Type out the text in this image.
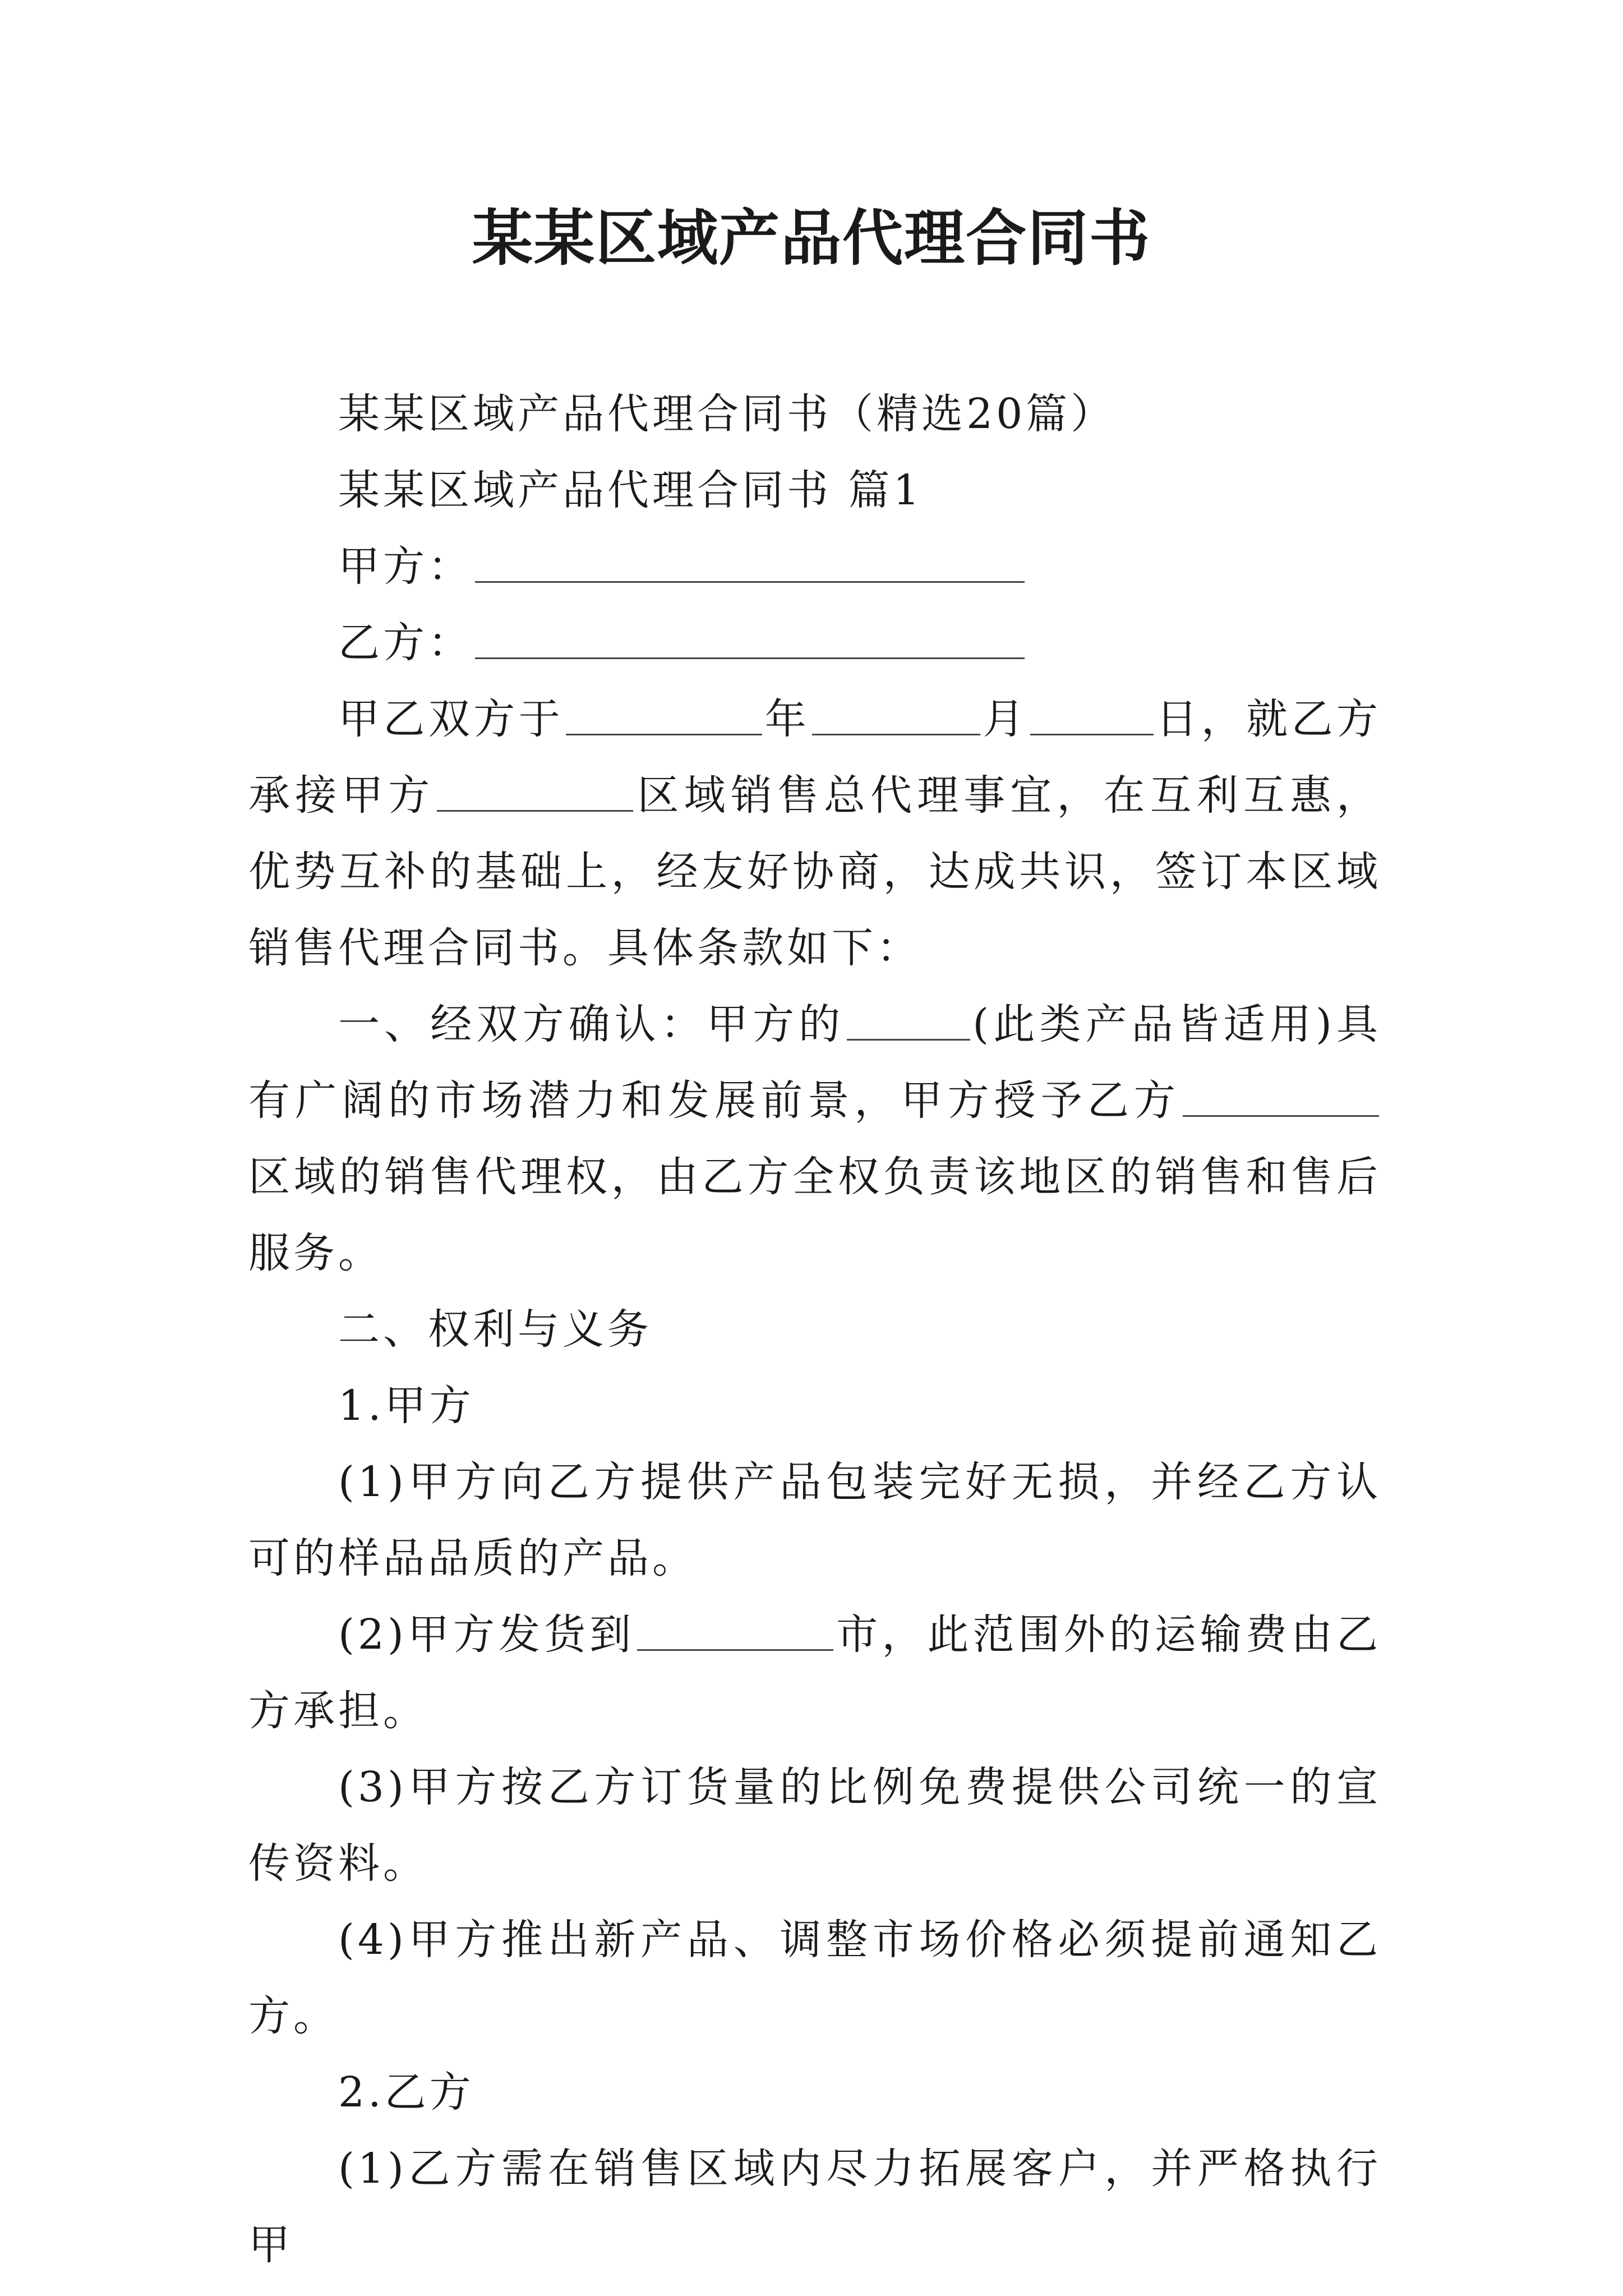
某某区域产品代理合同书

某某区域产品代理合同书（精选20篇）

某某区域产品代理合同书 篇1

甲方：

乙方：

甲乙双方于	年	月	日，就乙方承接甲方	区域销售总代理事宜，在互利互惠，优势互补的基础上，经友好协商，达成共识，签订本区域销售代理合同书。具体条款如下：

一、经双方确认：甲方的	(此类产品皆适用)具有广阔的市场潜力和发展前景，甲方授予乙方区域的销售代理权，由乙方全权负责该地区的销售和售后服务。

二、权利与义务

1.甲方

(1)甲方向乙方提供产品包装完好无损，并经乙方认可的样品品质的产品。

(2)甲方发货到	市，此范围外的运输费由乙方承担。

(3)甲方按乙方订货量的比例免费提供公司统一的宣传资料。

(4)甲方推出新产品、调整市场价格必须提前通知乙方。

2.乙方

(1)乙方需在销售区域内尽力拓展客户，并严格执行甲
